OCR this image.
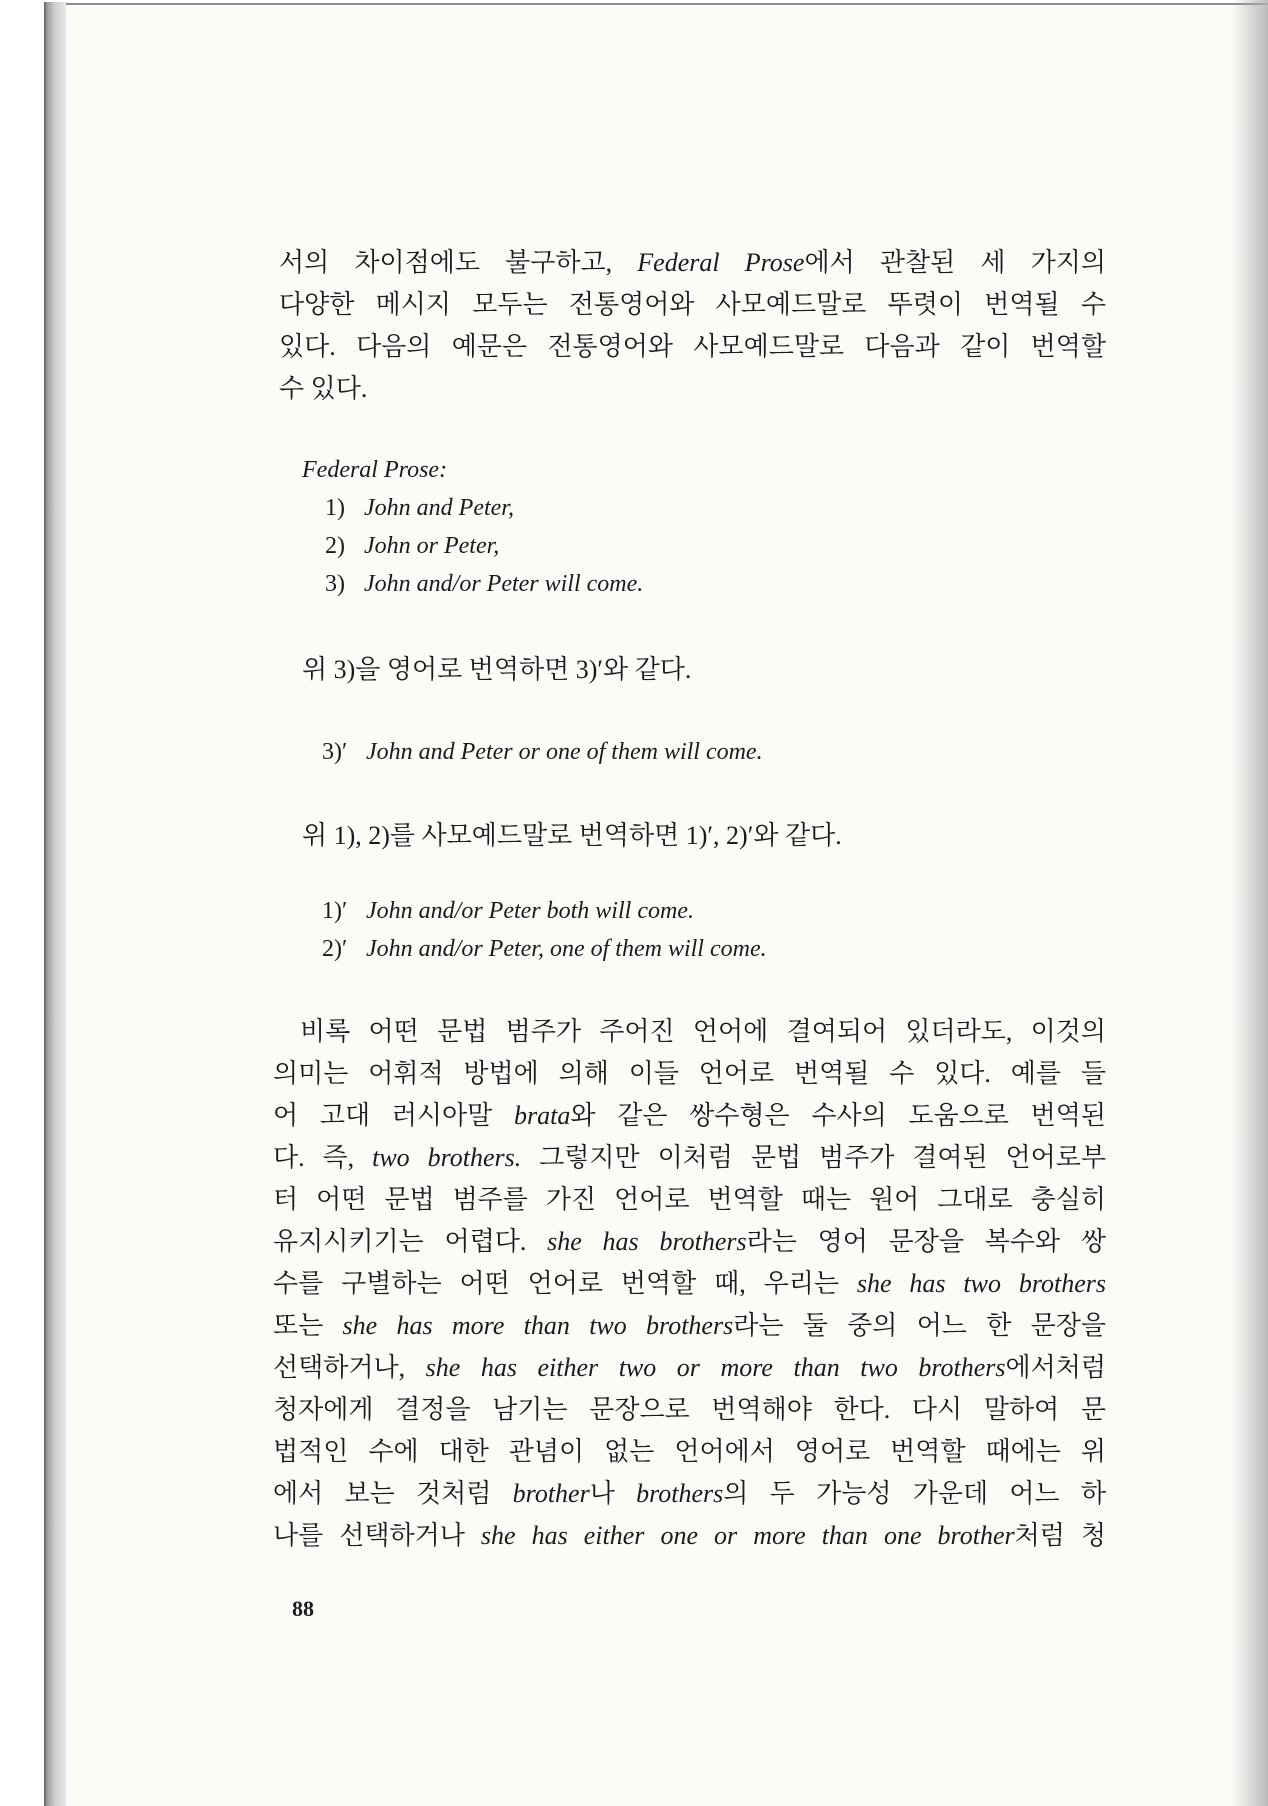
서의 차이점에도 불구하고, Federal Prose에서 관찰된 세 가지의
다양한 메시지 모두는 전통영어와 사모예드말로 뚜렷이 번역될 수
있다. 다음의 예문은 전통영어와 사모예드말로 다음과 같이 번역할
수 있다.
Federal Prose:
1) John and Peter,
2) John or Peter,
3) John and/or Peter will come.
위 3)을 영어로 번역하면 3)′와 같다.
3)′ John and Peter or one of them will come.
위 1), 2)를 사모예드말로 번역하면 1)′, 2)′와 같다.
1)′ John and/or Peter both will come.
2)′ John and/or Peter, one of them will come.
비록 어떤 문법 범주가 주어진 언어에 결여되어 있더라도, 이것의
의미는 어휘적 방법에 의해 이들 언어로 번역될 수 있다. 예를 들
어 고대 러시아말 brata와 같은 쌍수형은 수사의 도움으로 번역된
다. 즉, two brothers. 그렇지만 이처럼 문법 범주가 결여된 언어로부
터 어떤 문법 범주를 가진 언어로 번역할 때는 원어 그대로 충실히
유지시키기는 어렵다. she has brothers라는 영어 문장을 복수와 쌍
수를 구별하는 어떤 언어로 번역할 때, 우리는 she has two brothers
또는 she has more than two brothers라는 둘 중의 어느 한 문장을
선택하거나, she has either two or more than two brothers에서처럼
청자에게 결정을 남기는 문장으로 번역해야 한다. 다시 말하여 문
법적인 수에 대한 관념이 없는 언어에서 영어로 번역할 때에는 위
에서 보는 것처럼 brother나 brothers의 두 가능성 가운데 어느 하
나를 선택하거나 she has either one or more than one brother처럼 청
88
